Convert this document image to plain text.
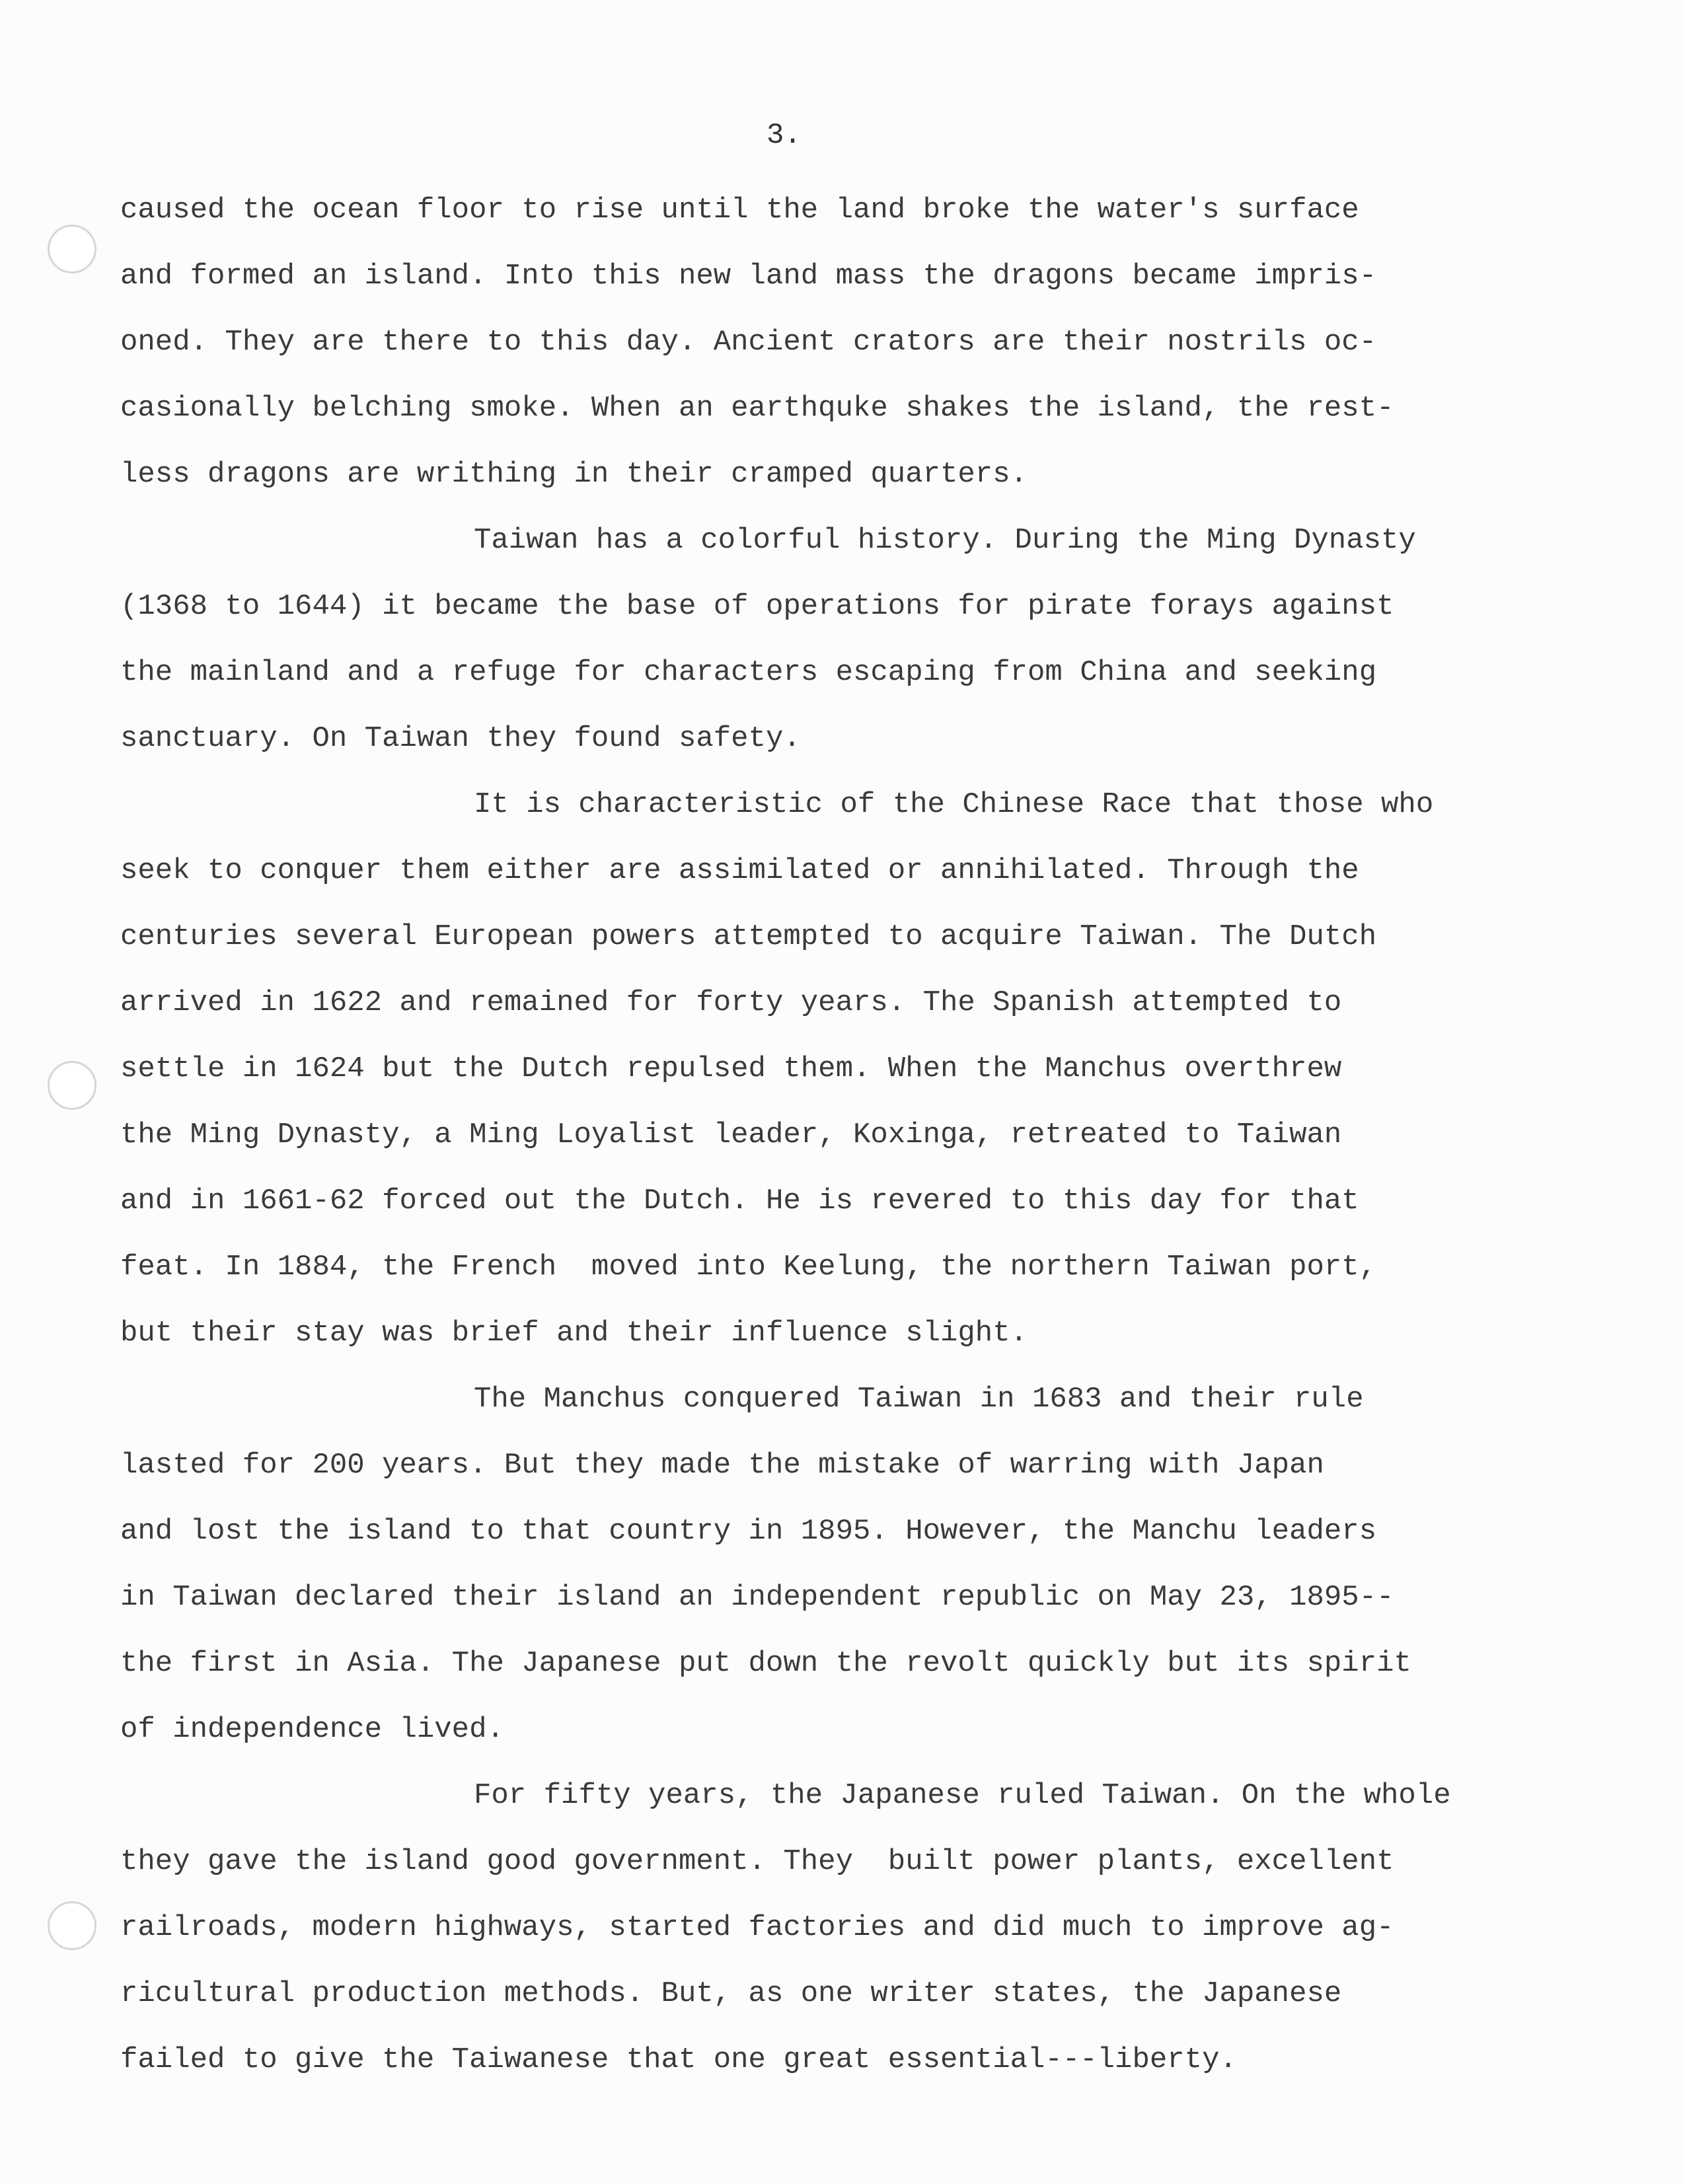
3.
caused the ocean floor to rise until the land broke the water's surface
and formed an island. Into this new land mass the dragons became impris-
oned. They are there to this day. Ancient crators are their nostrils oc-
casionally belching smoke. When an earthquke shakes the island, the rest-
less dragons are writhing in their cramped quarters.
Taiwan has a colorful history. During the Ming Dynasty
(1368 to 1644) it became the base of operations for pirate forays against
the mainland and a refuge for characters escaping from China and seeking
sanctuary. On Taiwan they found safety.
It is characteristic of the Chinese Race that those who
seek to conquer them either are assimilated or annihilated. Through the
centuries several European powers attempted to acquire Taiwan. The Dutch
arrived in 1622 and remained for forty years. The Spanish attempted to
settle in 1624 but the Dutch repulsed them. When the Manchus overthrew
the Ming Dynasty, a Ming Loyalist leader, Koxinga, retreated to Taiwan
and in 1661-62 forced out the Dutch. He is revered to this day for that
feat. In 1884, the French  moved into Keelung, the northern Taiwan port,
but their stay was brief and their influence slight.
The Manchus conquered Taiwan in 1683 and their rule
lasted for 200 years. But they made the mistake of warring with Japan
and lost the island to that country in 1895. However, the Manchu leaders
in Taiwan declared their island an independent republic on May 23, 1895--
the first in Asia. The Japanese put down the revolt quickly but its spirit
of independence lived.
For fifty years, the Japanese ruled Taiwan. On the whole
they gave the island good government. They  built power plants, excellent
railroads, modern highways, started factories and did much to improve ag-
ricultural production methods. But, as one writer states, the Japanese
failed to give the Taiwanese that one great essential---liberty.
